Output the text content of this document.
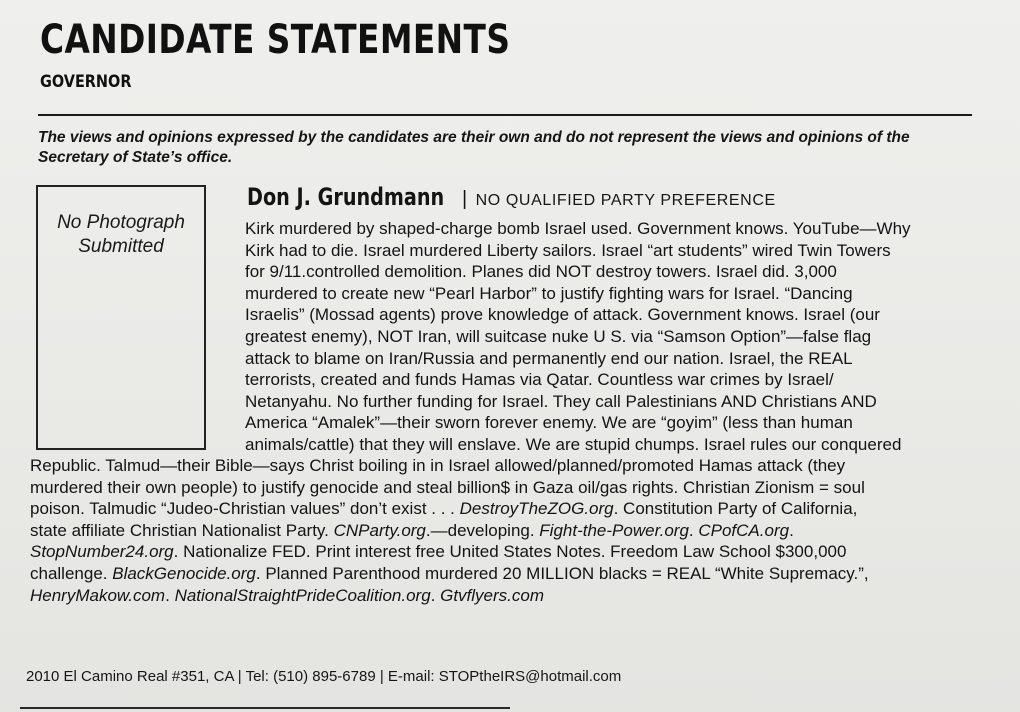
CANDIDATE STATEMENTS
GOVERNOR
The views and opinions expressed by the candidates are their own and do not represent the views and opinions of the Secretary of State’s office.
No Photograph
Submitted
Don J. Grundmann | NO QUALIFIED PARTY PREFERENCE
Kirk murdered by shaped-charge bomb Israel used. Government knows. YouTube—Why
Kirk had to die. Israel murdered Liberty sailors. Israel “art students” wired Twin Towers
for 9/11.controlled demolition. Planes did NOT destroy towers. Israel did. 3,000
murdered to create new “Pearl Harbor” to justify fighting wars for Israel. “Dancing
Israelis” (Mossad agents) prove knowledge of attack. Government knows. Israel (our
greatest enemy), NOT Iran, will suitcase nuke U S. via “Samson Option”—false flag
attack to blame on Iran/Russia and permanently end our nation. Israel, the REAL
terrorists, created and funds Hamas via Qatar. Countless war crimes by Israel/
Netanyahu. No further funding for Israel. They call Palestinians AND Christians AND
America “Amalek”—their sworn forever enemy. We are “goyim” (less than human
animals/cattle) that they will enslave. We are stupid chumps. Israel rules our conquered
Republic. Talmud—their Bible—says Christ boiling in in Israel allowed/planned/promoted Hamas attack (they
murdered their own people) to justify genocide and steal billion$ in Gaza oil/gas rights. Christian Zionism = soul
poison. Talmudic “Judeo-Christian values” don’t exist . . . DestroyTheZOG.org. Constitution Party of California,
state affiliate Christian Nationalist Party. CNParty.org.—developing. Fight-the-Power.org. CPofCA.org.
StopNumber24.org. Nationalize FED. Print interest free United States Notes. Freedom Law School $300,000
challenge. BlackGenocide.org. Planned Parenthood murdered 20 MILLION blacks = REAL “White Supremacy.”,
HenryMakow.com. NationalStraightPrideCoalition.org. Gtvflyers.com
2010 El Camino Real #351, CA | Tel: (510) 895-6789 | E-mail: STOPtheIRS@hotmail.com
